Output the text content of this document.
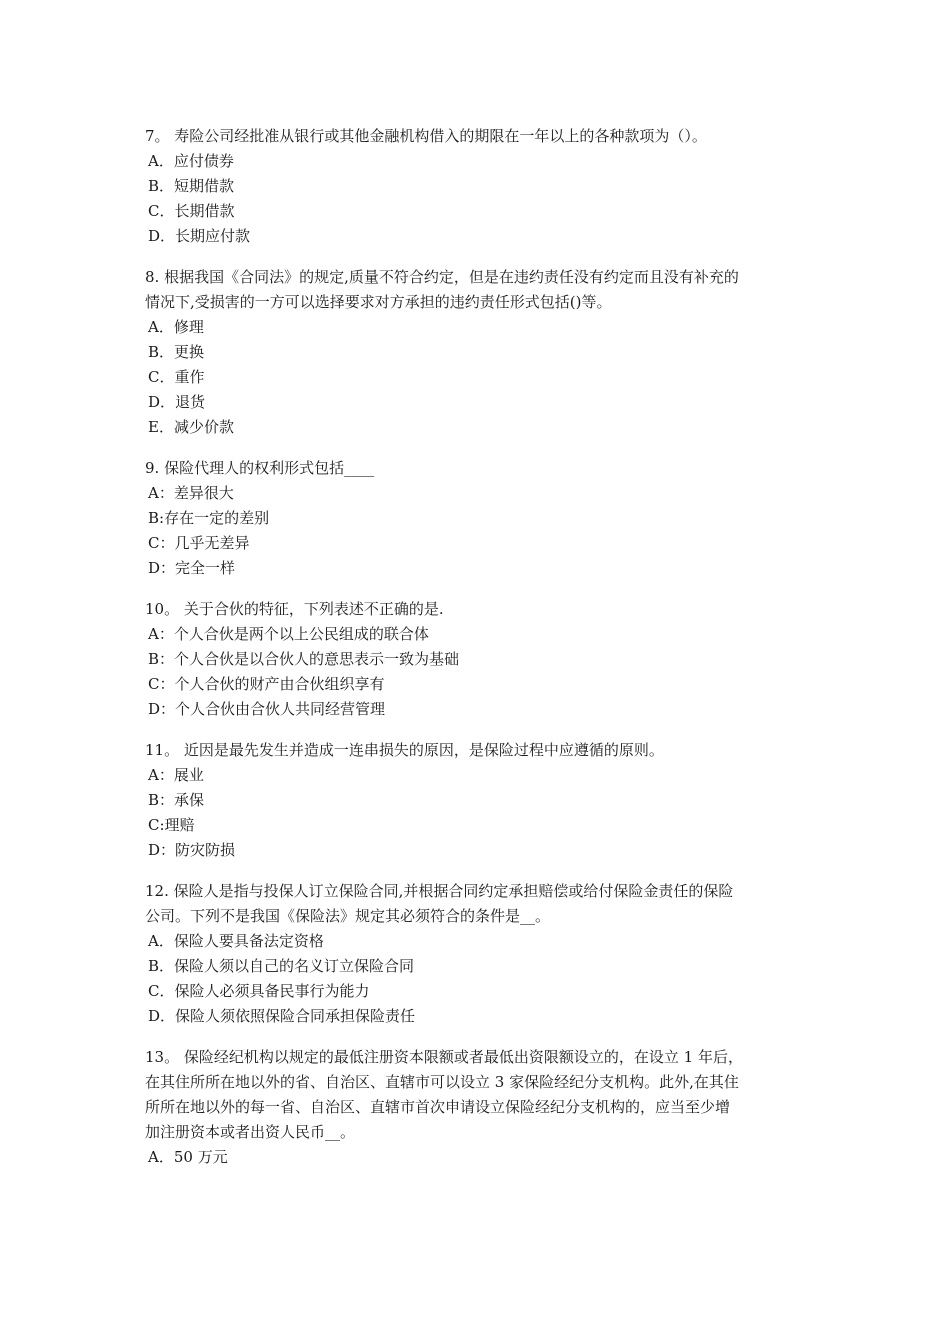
7。 寿险公司经批准从银行或其他金融机构借入的期限在一年以上的各种款项为（）。

A．应付债券

B．短期借款

C．长期借款

D．长期应付款

8. 根据我国《合同法》的规定,质量不符合约定，但是在违约责任没有约定而且没有补充的
情况下,受损害的一方可以选择要求对方承担的违约责任形式包括()等。

A．修理

B．更换

C．重作

D．退货

E．减少价款

9. 保险代理人的权利形式包括____

A：差异很大

B:存在一定的差别

C：几乎无差异

D：完全一样

10。 关于合伙的特征，下列表述不正确的是.

A：个人合伙是两个以上公民组成的联合体

B：个人合伙是以合伙人的意思表示一致为基础

C：个人合伙的财产由合伙组织享有

D：个人合伙由合伙人共同经营管理

11。 近因是最先发生并造成一连串损失的原因，是保险过程中应遵循的原则。

A：展业

B：承保

C:理赔

D：防灾防损

12. 保险人是指与投保人订立保险合同,并根据合同约定承担赔偿或给付保险金责任的保险
公司。下列不是我国《保险法》规定其必须符合的条件是__。

A．保险人要具备法定资格

B．保险人须以自己的名义订立保险合同

C．保险人必须具备民事行为能力

D．保险人须依照保险合同承担保险责任

13。 保险经纪机构以规定的最低注册资本限额或者最低出资限额设立的，在设立 1 年后，
在其住所所在地以外的省、自治区、直辖市可以设立 3 家保险经纪分支机构。此外,在其住
所所在地以外的每一省、自治区、直辖市首次申请设立保险经纪分支机构的，应当至少增
加注册资本或者出资人民币__。

A．50 万元
